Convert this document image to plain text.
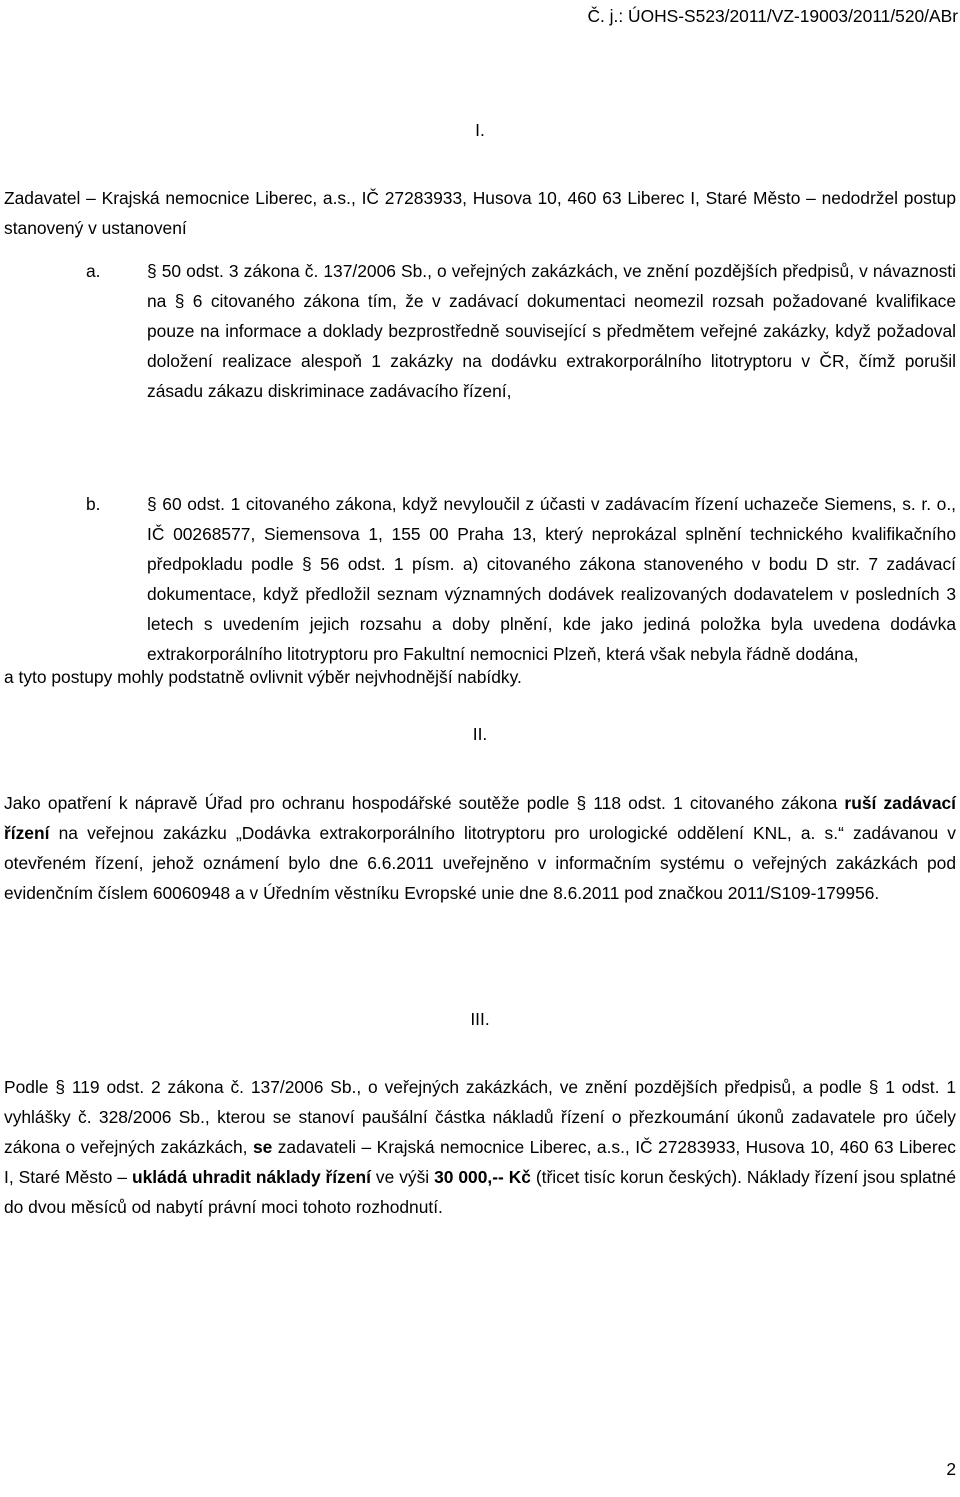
Č. j.: ÚOHS-S523/2011/VZ-19003/2011/520/ABr
I.
Zadavatel – Krajská nemocnice Liberec, a.s., IČ 27283933, Husova 10, 460 63 Liberec I, Staré Město – nedodržel postup stanovený v ustanovení
a.	§ 50 odst. 3 zákona č. 137/2006 Sb., o veřejných zakázkách, ve znění pozdějších předpisů, v návaznosti na § 6 citovaného zákona tím, že v zadávací dokumentaci neomezil rozsah požadované kvalifikace pouze na informace a doklady bezprostředně související s předmětem veřejné zakázky, když požadoval doložení realizace alespoň 1 zakázky na dodávku extrakorporálního litotryptoru v ČR, čímž porušil zásadu zákazu diskriminace zadávacího řízení,
b.	§ 60 odst. 1 citovaného zákona, když nevyloučil z účasti v zadávacím řízení uchazeče Siemens, s. r. o., IČ 00268577, Siemensova 1, 155 00 Praha 13, který neprokázal splnění technického kvalifikačního předpokladu podle § 56 odst. 1 písm. a) citovaného zákona stanoveného v bodu D str. 7 zadávací dokumentace, když předložil seznam významných dodávek realizovaných dodavatelem v posledních 3 letech s uvedením jejich rozsahu a doby plnění, kde jako jediná položka byla uvedena dodávka extrakorporálního litotryptoru pro Fakultní nemocnici Plzeň, která však nebyla řádně dodána,
a tyto postupy mohly podstatně ovlivnit výběr nejvhodnější nabídky.
II.
Jako opatření k nápravě Úřad pro ochranu hospodářské soutěže podle § 118 odst. 1 citovaného zákona ruší zadávací řízení na veřejnou zakázku „Dodávka extrakorporálního litotryptoru pro urologické oddělení KNL, a. s.“ zadávanou v otevřeném řízení, jehož oznámení bylo dne 6.6.2011 uveřejněno v informačním systému o veřejných zakázkách pod evidenčním číslem 60060948 a v Úředním věstníku Evropské unie dne 8.6.2011 pod značkou 2011/S109-179956.
III.
Podle § 119 odst. 2 zákona č. 137/2006 Sb., o veřejných zakázkách, ve znění pozdějších předpisů, a podle § 1 odst. 1 vyhlášky č. 328/2006 Sb., kterou se stanoví paušální částka nákladů řízení o přezkoumání úkonů zadavatele pro účely zákona o veřejných zakázkách, se zadavateli – Krajská nemocnice Liberec, a.s., IČ 27283933, Husova 10, 460 63 Liberec I, Staré Město – ukládá uhradit náklady řízení ve výši 30 000,-- Kč (třicet tisíc korun českých). Náklady řízení jsou splatné do dvou měsíců od nabytí právní moci tohoto rozhodnutí.
2
